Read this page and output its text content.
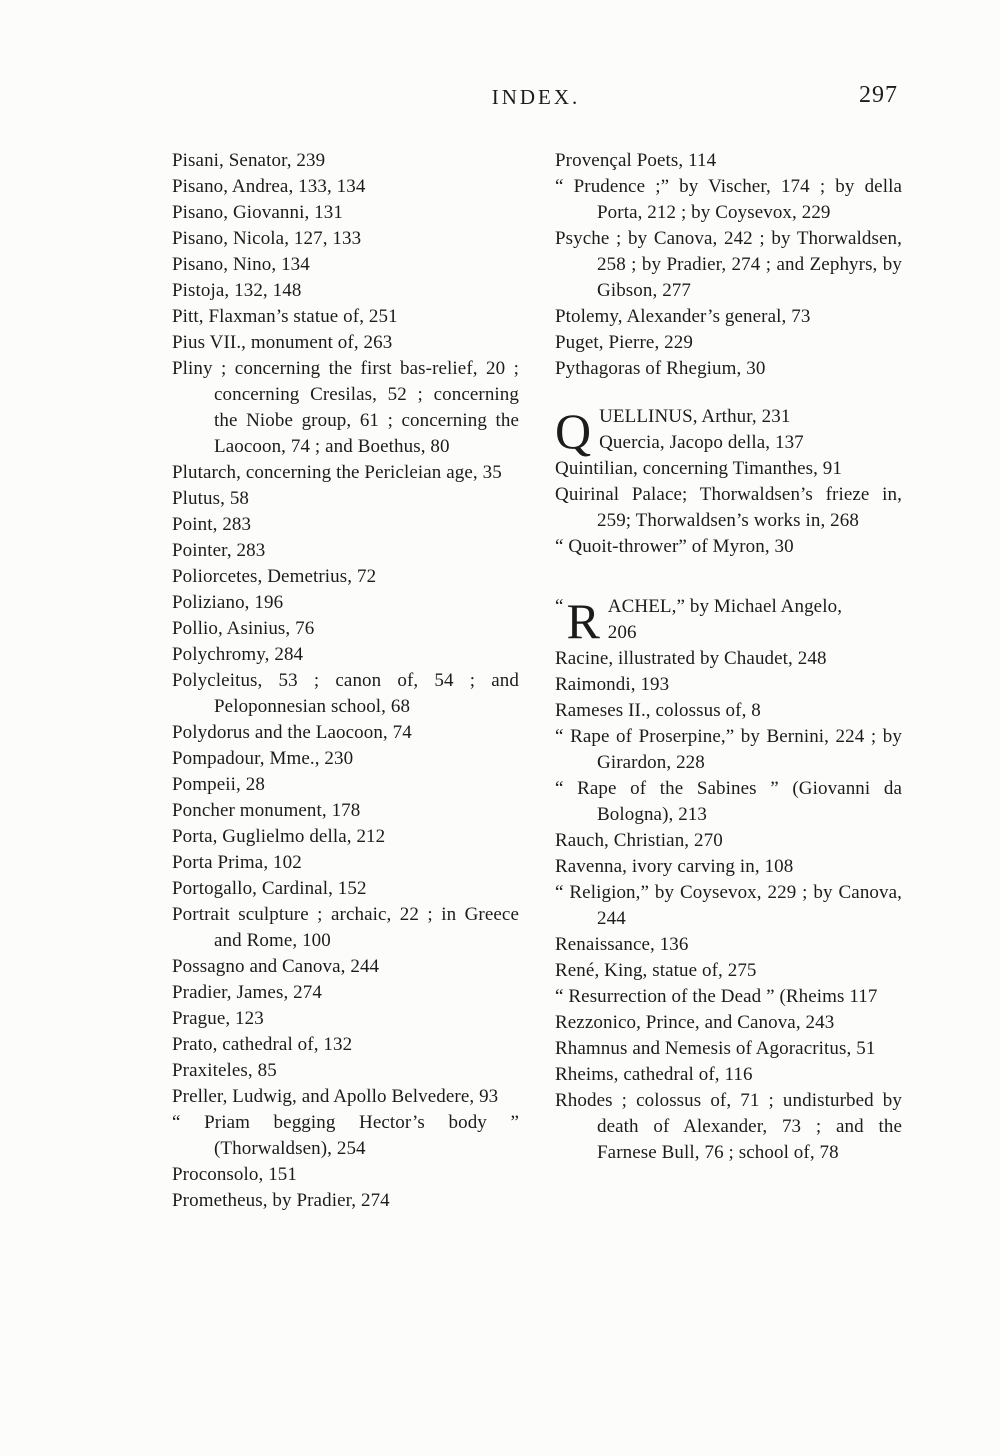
INDEX.	297

Pisani, Senator, 239

Pisano, Andrea, 133, 134

Pisano, Giovanni, 131

Pisano, Nicola, 127, 133

Pisano, Nino, 134

Pistoja, 132, 148

Pitt, Flaxman’s statue of, 251

Pius VII., monument of, 263

Pliny ; concerning the first bas-relief, 20 ; concerning Cresilas, 52 ; concerning the Niobe group, 61 ; concerning the Laocoon, 74 ; and Boethus, 80

Plutarch, concerning the Pericleian age, 35

Plutus, 58

Point, 283

Pointer, 283

Poliorcetes, Demetrius, 72

Poliziano, 196

Pollio, Asinius, 76

Polychromy, 284

Polycleitus, 53 ; canon of, 54 ; and Peloponnesian school, 68

Polydorus and the Laocoon, 74

Pompadour, Mme., 230

Pompeii, 28

Poncher monument, 178

Porta, Guglielmo della, 212

Porta Prima, 102

Portogallo, Cardinal, 152

Portrait sculpture ; archaic, 22 ; in Greece and Rome, 100

Possagno and Canova, 244

Pradier, James, 274

Prague, 123

Prato, cathedral of, 132

Praxiteles, 85

Preller, Ludwig, and Apollo Belvedere, 93

“ Priam begging Hector’s body ” (Thorwaldsen), 254

Proconsolo, 151

Prometheus, by Pradier, 274

Provençal Poets, 114

“ Prudence ;” by Vischer, 174 ; by della Porta, 212 ; by Coysevox, 229

Psyche ; by Canova, 242 ; by Thorwaldsen, 258 ; by Pradier, 274 ; and Zephyrs, by Gibson, 277

Ptolemy, Alexander’s general, 73

Puget, Pierre, 229

Pythagoras of Rhegium, 30

Q UELLINUS, Arthur, 231
Quercia, Jacopo della, 137

Quintilian, concerning Timanthes, 91

Quirinal Palace; Thorwaldsen’s frieze in, 259; Thorwaldsen’s works in, 268

“ Quoit-thrower” of Myron, 30

“ R ACHEL,” by Michael Angelo,
206

Racine, illustrated by Chaudet, 248

Raimondi, 193

Rameses II., colossus of, 8

“ Rape of Proserpine,” by Bernini, 224 ; by Girardon, 228

“ Rape of the Sabines ” (Giovanni da Bologna), 213

Rauch, Christian, 270

Ravenna, ivory carving in, 108

“ Religion,” by Coysevox, 229 ; by Canova, 244

Renaissance, 136

René, King, statue of, 275

“ Resurrection of the Dead ” (Rheims 117

Rezzonico, Prince, and Canova, 243

Rhamnus and Nemesis of Agoracritus, 51

Rheims, cathedral of, 116

Rhodes ; colossus of, 71 ; undisturbed by death of Alexander, 73 ; and the Farnese Bull, 76 ; school of, 78
